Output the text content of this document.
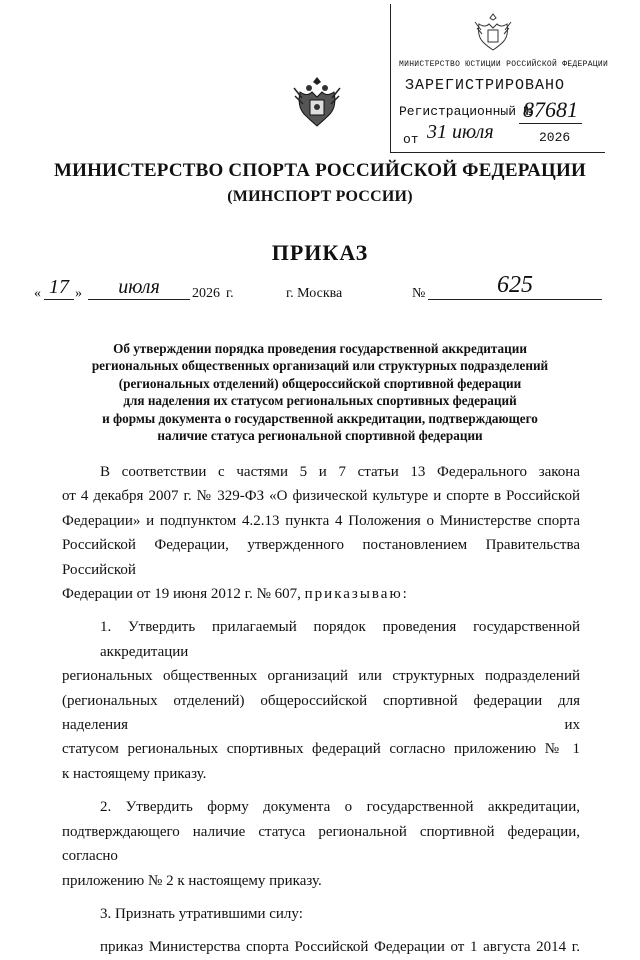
МИНИСТЕРСТВО ЮСТИЦИИ РОССИЙСКОЙ ФЕДЕРАЦИИ
ЗАРЕГИСТРИРОВАНО
Регистрационный №
87681
от 31 июля	2026
МИНИСТЕРСТВО СПОРТА РОССИЙСКОЙ ФЕДЕРАЦИИ
(МИНСПОРТ РОССИИ)
ПРИКАЗ
« 17 »	июля	2026 г.	г. Москва	№	625
Об утверждении порядка проведения государственной аккредитации
региональных общественных организаций или структурных подразделений
(региональных отделений) общероссийской спортивной федерации
для наделения их статусом региональных спортивных федераций
и формы документа о государственной аккредитации, подтверждающего
наличие статуса региональной спортивной федерации

В соответствии с частями 5 и 7 статьи 13 Федерального закона
от 4 декабря 2007 г. № 329-ФЗ «О физической культуре и спорте в Российской
Федерации» и подпунктом 4.2.13 пункта 4 Положения о Министерстве спорта
Российской Федерации, утвержденного постановлением Правительства Российской
Федерации от 19 июня 2012 г. № 607, приказываю:

1. Утвердить прилагаемый порядок проведения государственной аккредитации
региональных общественных организаций или структурных подразделений
(региональных отделений) общероссийской спортивной федерации для наделения их
статусом региональных спортивных федераций согласно приложению № 1
к настоящему приказу.

2. Утвердить форму документа о государственной аккредитации,
подтверждающего наличие статуса региональной спортивной федерации, согласно
приложению № 2 к настоящему приказу.

3. Признать утратившими силу:

приказ Министерства спорта Российской Федерации от 1 августа 2014 г.
